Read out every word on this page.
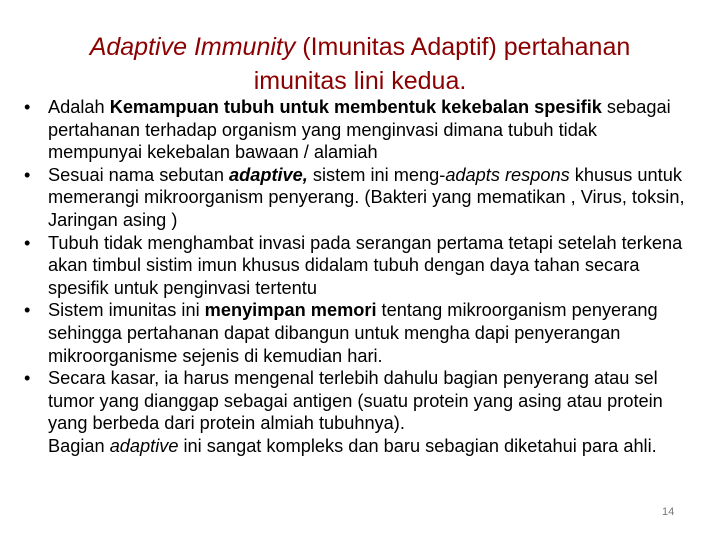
Adaptive Immunity (Imunitas Adaptif) pertahanan
imunitas lini kedua.
• Adalah Kemampuan tubuh untuk membentuk kekebalan spesifik sebagai pertahanan terhadap organism yang menginvasi dimana tubuh tidak mempunyai kekebalan bawaan / alamiah
• Sesuai nama sebutan adaptive, sistem ini meng-adapts respons khusus untuk memerangi mikroorganism penyerang. (Bakteri yang mematikan , Virus, toksin, Jaringan asing )
• Tubuh tidak menghambat invasi pada serangan pertama tetapi setelah terkena akan timbul sistim imun khusus didalam tubuh dengan daya tahan secara spesifik untuk penginvasi tertentu
• Sistem imunitas ini menyimpan memori tentang mikroorganism penyerang sehingga pertahanan dapat dibangun untuk mengha dapi penyerangan mikroorganisme sejenis di kemudian hari.
• Secara kasar, ia harus mengenal terlebih dahulu bagian penyerang atau sel tumor yang dianggap sebagai antigen (suatu protein yang asing atau protein yang berbeda dari protein almiah tubuhnya).
Bagian adaptive ini sangat kompleks dan baru sebagian diketahui para ahli.
14
